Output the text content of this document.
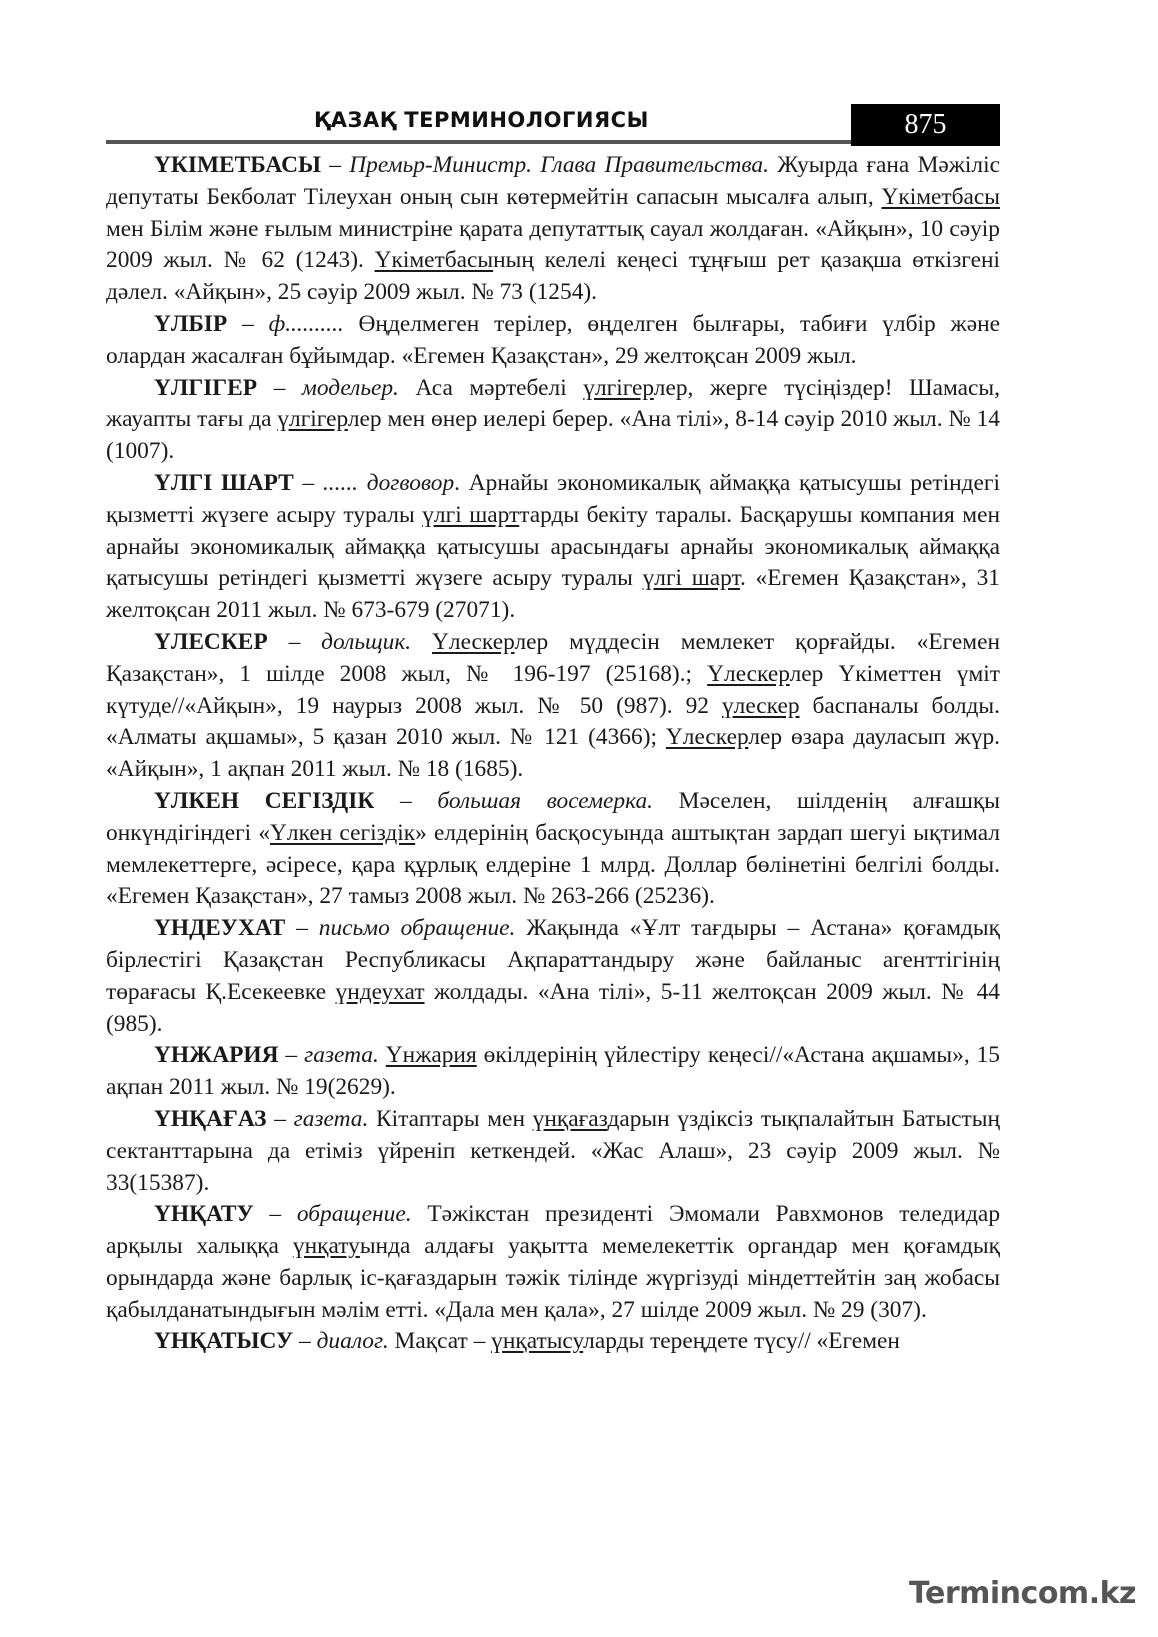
ҚАЗАҚ ТЕРМИНОЛОГИЯСЫ	875

ҮКІМЕТБАСЫ – Премьр-Министр. Глава Правительства. Жуырда ғана Мәжіліс депутаты Бекболат Тілеухан оның сын көтермейтін сапасын мысалға алып, Үкіметбасы мен Білім және ғылым министріне қарата депутаттық сауал жолдаған. «Айқын», 10 сәуір 2009 жыл. № 62 (1243). Үкіметбасының келелі кеңесі тұңғыш рет қазақша өткізгені дәлел. «Айқын», 25 сәуір 2009 жыл. № 73 (1254).

ҮЛБІР – ф.......... Өңделмеген терілер, өңделген былғары, табиғи үлбір және олардан жасалған бұйымдар. «Егемен Қазақстан», 29 желтоқсан 2009 жыл.

ҮЛГІГЕР – модельер. Аса мәртебелі үлгігерлер, жерге түсіңіздер! Шамасы, жауапты тағы да үлгігерлер мен өнер иелері берер. «Ана тілі», 8-14 сәуір 2010 жыл. № 14 (1007).

ҮЛГІ ШАРТ – ...... догвовор. Арнайы экономикалық аймаққа қатысушы ретіндегі қызметті жүзеге асыру туралы үлгі шарттарды бекіту таралы. Басқарушы компания мен арнайы экономикалық аймаққа қатысушы арасындағы арнайы экономикалық аймаққа қатысушы ретіндегі қызметті жүзеге асыру туралы үлгі шарт. «Егемен Қазақстан», 31 желтоқсан 2011 жыл. № 673-679 (27071).

ҮЛЕСКЕР – дольщик. Үлескерлер мүддесін мемлекет қорғайды. «Егемен Қазақстан», 1 шілде 2008 жыл, № 196-197 (25168).; Үлескерлер Үкіметтен үміт күтуде//«Айқын», 19 наурыз 2008 жыл. № 50 (987). 92 үлескер баспаналы болды. «Алматы ақшамы», 5 қазан 2010 жыл. № 121 (4366); Үлескерлер өзара дауласып жүр. «Айқын», 1 ақпан 2011 жыл. № 18 (1685).

ҮЛКЕН СЕГІЗДІК – большая восемерка. Мәселен, шілденің алғашқы онкүндігіндегі «Үлкен сегіздік» елдерінің басқосуында аштықтан зардап шегуі ықтимал мемлекеттерге, әсіресе, қара құрлық елдеріне 1 млрд. Доллар бөлінетіні белгілі болды. «Егемен Қазақстан», 27 тамыз 2008 жыл. № 263-266 (25236).

ҮНДЕУХАТ – письмо обращение. Жақында «Ұлт тағдыры – Астана» қоғамдық бірлестігі Қазақстан Республикасы Ақпараттандыру және байланыс агенттігінің төрағасы Қ.Есекеевке үндеухат жолдады. «Ана тілі», 5-11 желтоқсан 2009 жыл. № 44 (985).

ҮНЖАРИЯ – газета. Үнжария өкілдерінің үйлестіру кеңесі//«Астана ақшамы», 15 ақпан 2011 жыл. № 19(2629).

ҮНҚАҒАЗ – газета. Кітаптары мен үнқағаздарын үздіксіз тықпалайтын Батыстың сектанттарына да етіміз үйреніп кеткендей. «Жас Алаш», 23 сәуір 2009 жыл. № 33(15387).

ҮНҚАТУ – обращение. Тәжікстан президенті Эмомали Равхмонов теледидар арқылы халыққа үнқатуында алдағы уақытта мемелекеттік органдар мен қоғамдық орындарда және барлық іс-қағаздарын тәжік тілінде жүргізуді міндеттейтін заң жобасы қабылданатындығын мәлім етті. «Дала мен қала», 27 шілде 2009 жыл. № 29 (307).

ҮНҚАТЫСУ – диалог. Мақсат – үнқатысуларды тереңдете түсу// «Егемен

Termincom.kz
